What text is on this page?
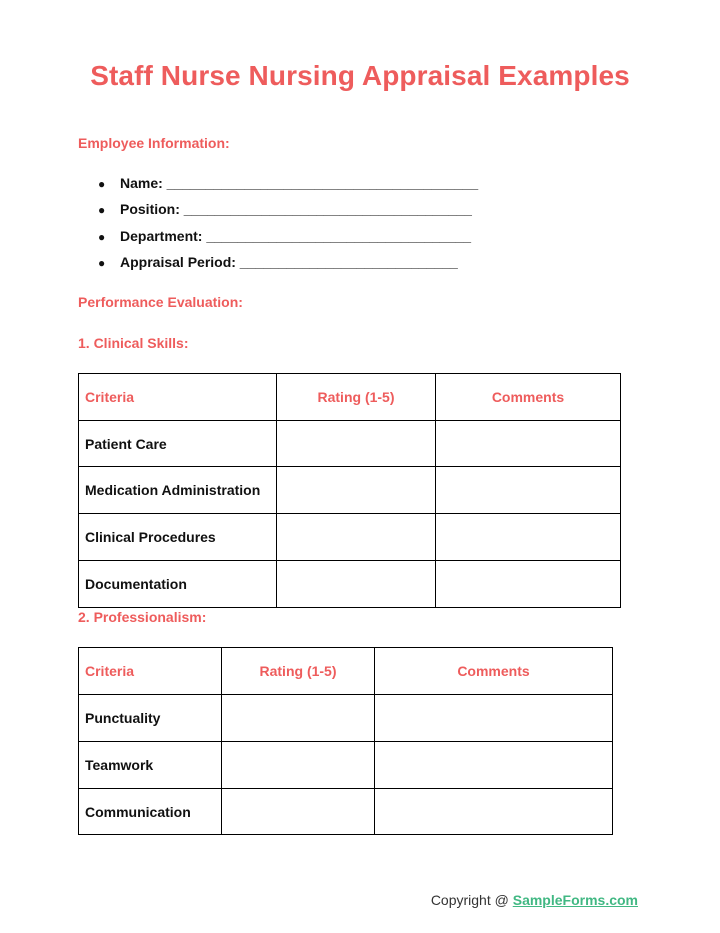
Staff Nurse Nursing Appraisal Examples
Employee Information:
● Name: ________________________________________
● Position: _____________________________________
● Department: __________________________________
● Appraisal Period: ____________________________
Performance Evaluation:
1. Clinical Skills:
Criteria	Rating (1-5)	Comments
Patient Care		
Medication Administration		
Clinical Procedures		
Documentation		
2. Professionalism:
Criteria	Rating (1-5)	Comments
Punctuality		
Teamwork		
Communication		
Copyright @ SampleForms.com
